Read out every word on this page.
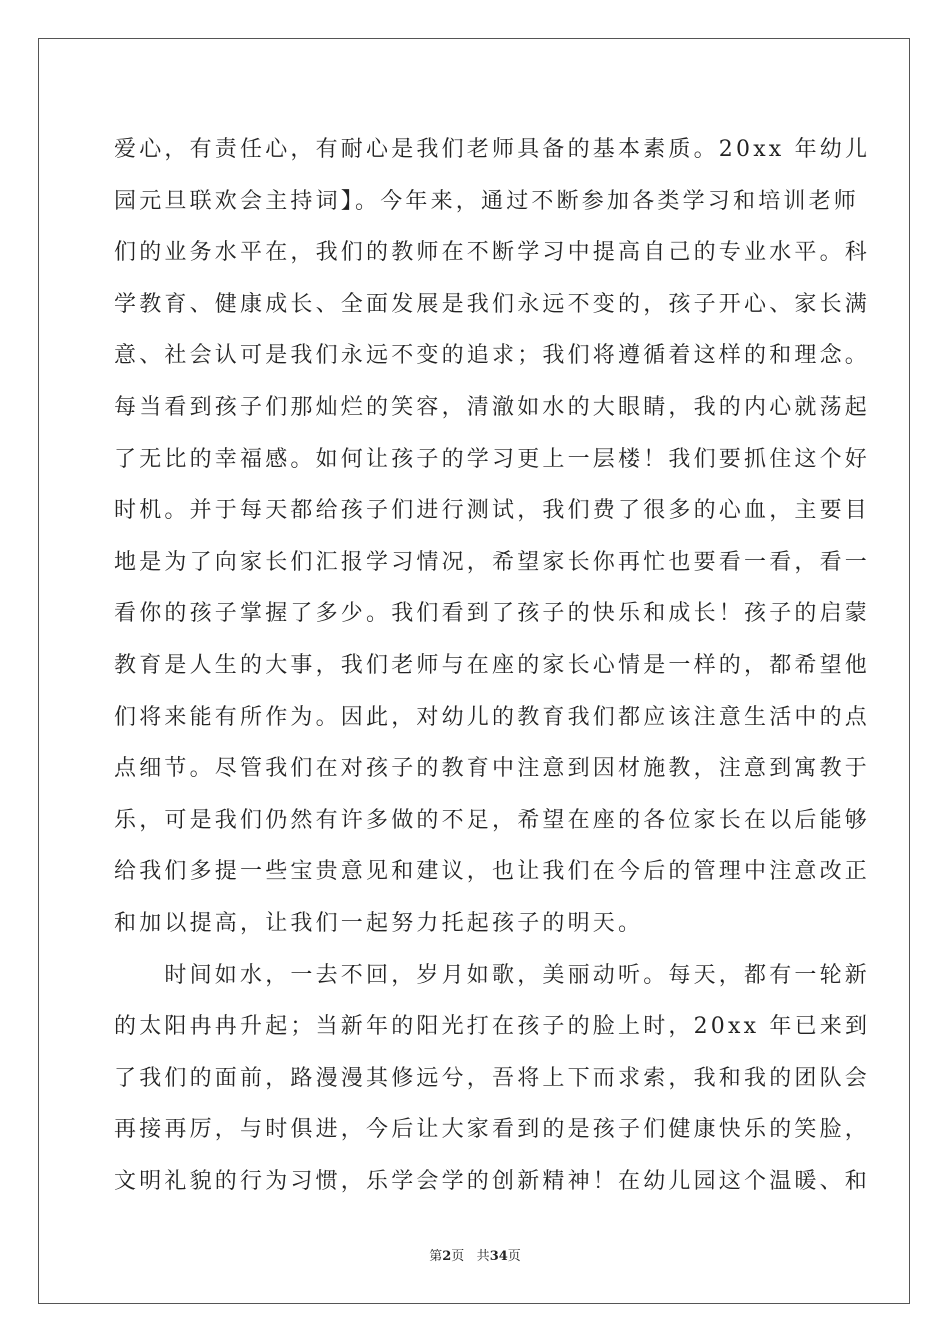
爱心，有责任心，有耐心是我们老师具备的基本素质。20xx 年幼儿
园元旦联欢会主持词】。今年来，通过不断参加各类学习和培训老师
们的业务水平在，我们的教师在不断学习中提高自己的专业水平。科
学教育、健康成长、全面发展是我们永远不变的，孩子开心、家长满
意、社会认可是我们永远不变的追求；我们将遵循着这样的和理念。
每当看到孩子们那灿烂的笑容，清澈如水的大眼睛，我的内心就荡起
了无比的幸福感。如何让孩子的学习更上一层楼！我们要抓住这个好
时机。并于每天都给孩子们进行测试，我们费了很多的心血，主要目
地是为了向家长们汇报学习情况，希望家长你再忙也要看一看，看一
看你的孩子掌握了多少。我们看到了孩子的快乐和成长！孩子的启蒙
教育是人生的大事，我们老师与在座的家长心情是一样的，都希望他
们将来能有所作为。因此，对幼儿的教育我们都应该注意生活中的点
点细节。尽管我们在对孩子的教育中注意到因材施教，注意到寓教于
乐，可是我们仍然有许多做的不足，希望在座的各位家长在以后能够
给我们多提一些宝贵意见和建议，也让我们在今后的管理中注意改正
和加以提高，让我们一起努力托起孩子的明天。
　　时间如水，一去不回，岁月如歌，美丽动听。每天，都有一轮新
的太阳冉冉升起；当新年的阳光打在孩子的脸上时，20xx 年已来到
了我们的面前，路漫漫其修远兮，吾将上下而求索，我和我的团队会
再接再厉，与时俱进，今后让大家看到的是孩子们健康快乐的笑脸，
文明礼貌的行为习惯，乐学会学的创新精神！在幼儿园这个温暖、和
第2页 共34页
